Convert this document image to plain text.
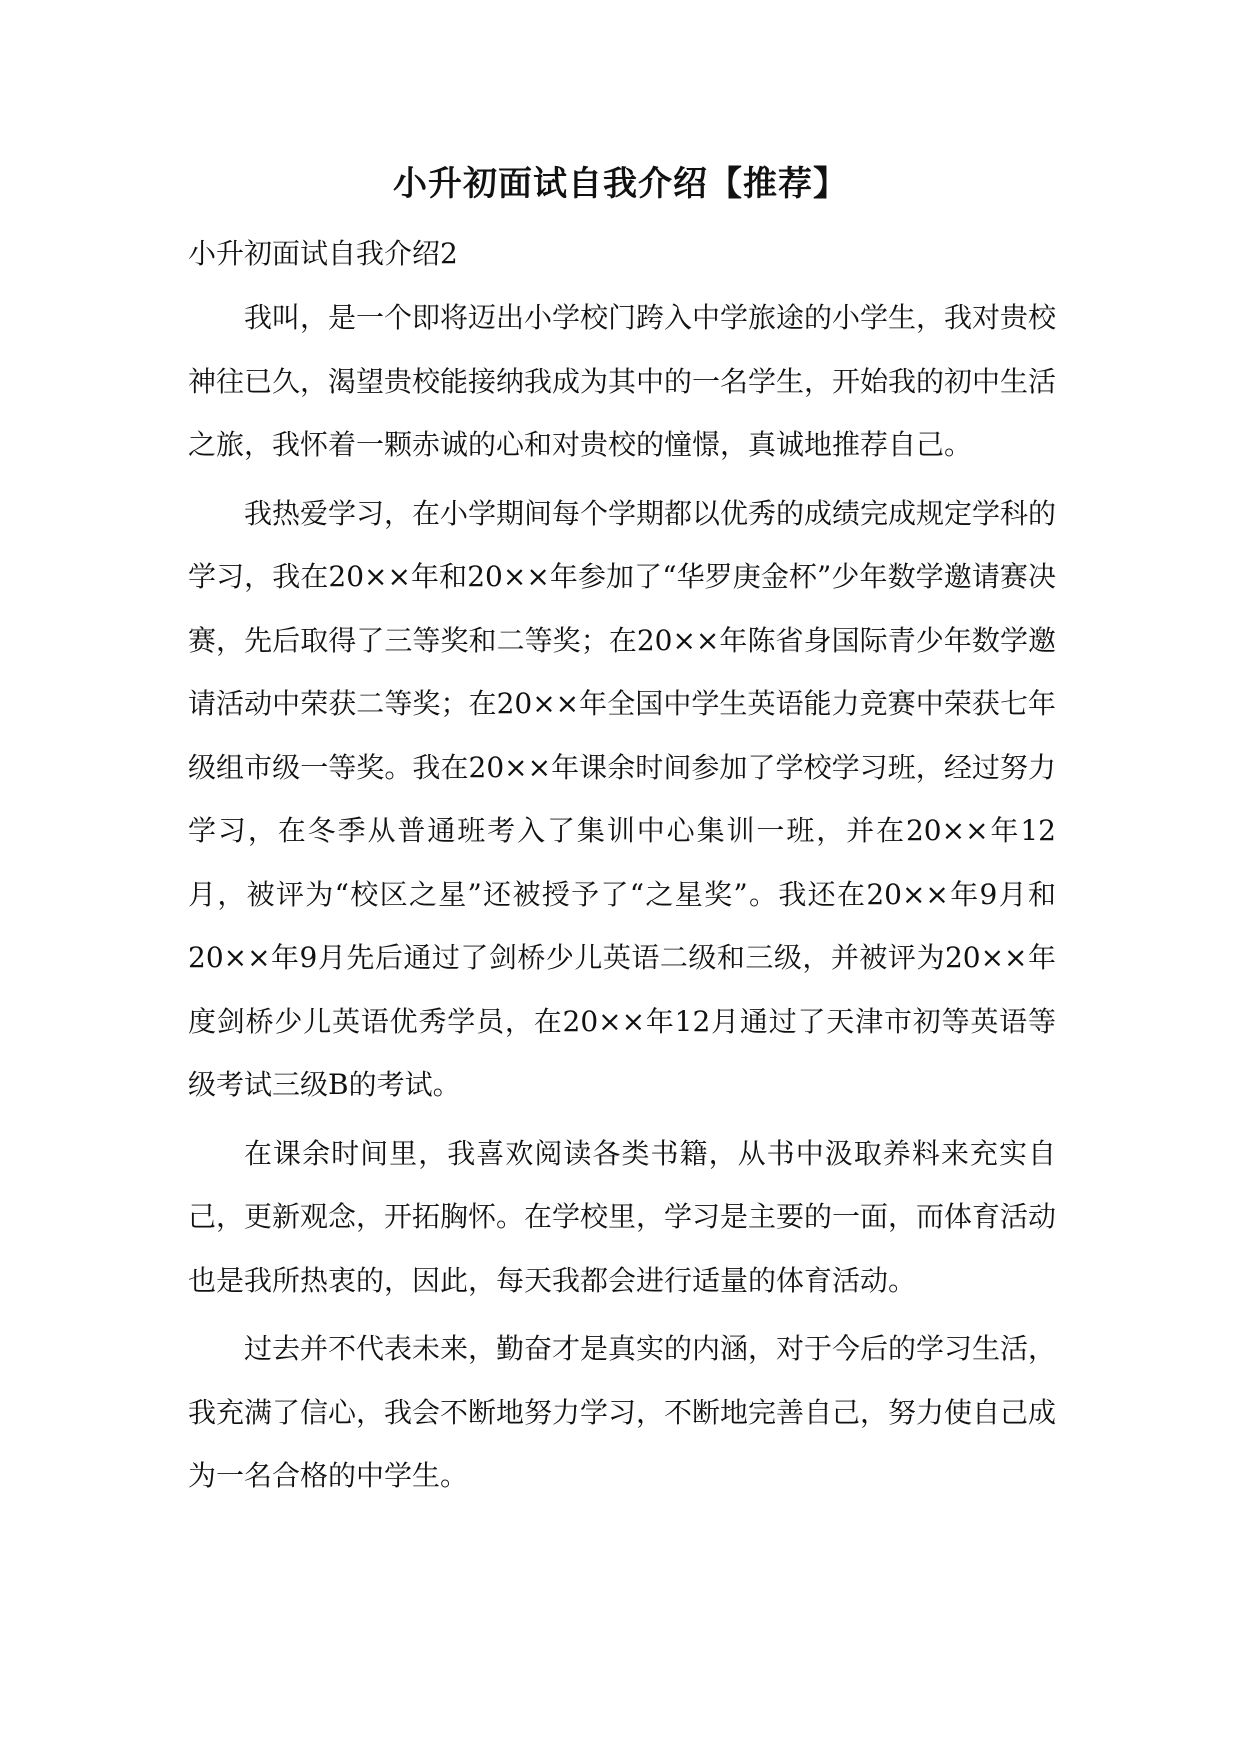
小升初面试自我介绍【推荐】

小升初面试自我介绍2

我叫，是一个即将迈出小学校门跨入中学旅途的小学生，我对贵校神往已久，渴望贵校能接纳我成为其中的一名学生，开始我的初中生活之旅，我怀着一颗赤诚的心和对贵校的憧憬，真诚地推荐自己。

我热爱学习，在小学期间每个学期都以优秀的成绩完成规定学科的学习，我在20××年和20××年参加了“华罗庚金杯”少年数学邀请赛决赛，先后取得了三等奖和二等奖；在20××年陈省身国际青少年数学邀请活动中荣获二等奖；在20××年全国中学生英语能力竞赛中荣获七年级组市级一等奖。我在20××年课余时间参加了学校学习班，经过努力学习，在冬季从普通班考入了集训中心集训一班，并在20××年12月，被评为“校区之星”还被授予了“之星奖”。我还在20××年9月和20××年9月先后通过了剑桥少儿英语二级和三级，并被评为20××年度剑桥少儿英语优秀学员，在20××年12月通过了天津市初等英语等级考试三级B的考试。

在课余时间里，我喜欢阅读各类书籍，从书中汲取养料来充实自己，更新观念，开拓胸怀。在学校里，学习是主要的一面，而体育活动也是我所热衷的，因此，每天我都会进行适量的体育活动。

过去并不代表未来，勤奋才是真实的内涵，对于今后的学习生活，我充满了信心，我会不断地努力学习，不断地完善自己，努力使自己成为一名合格的中学生。
